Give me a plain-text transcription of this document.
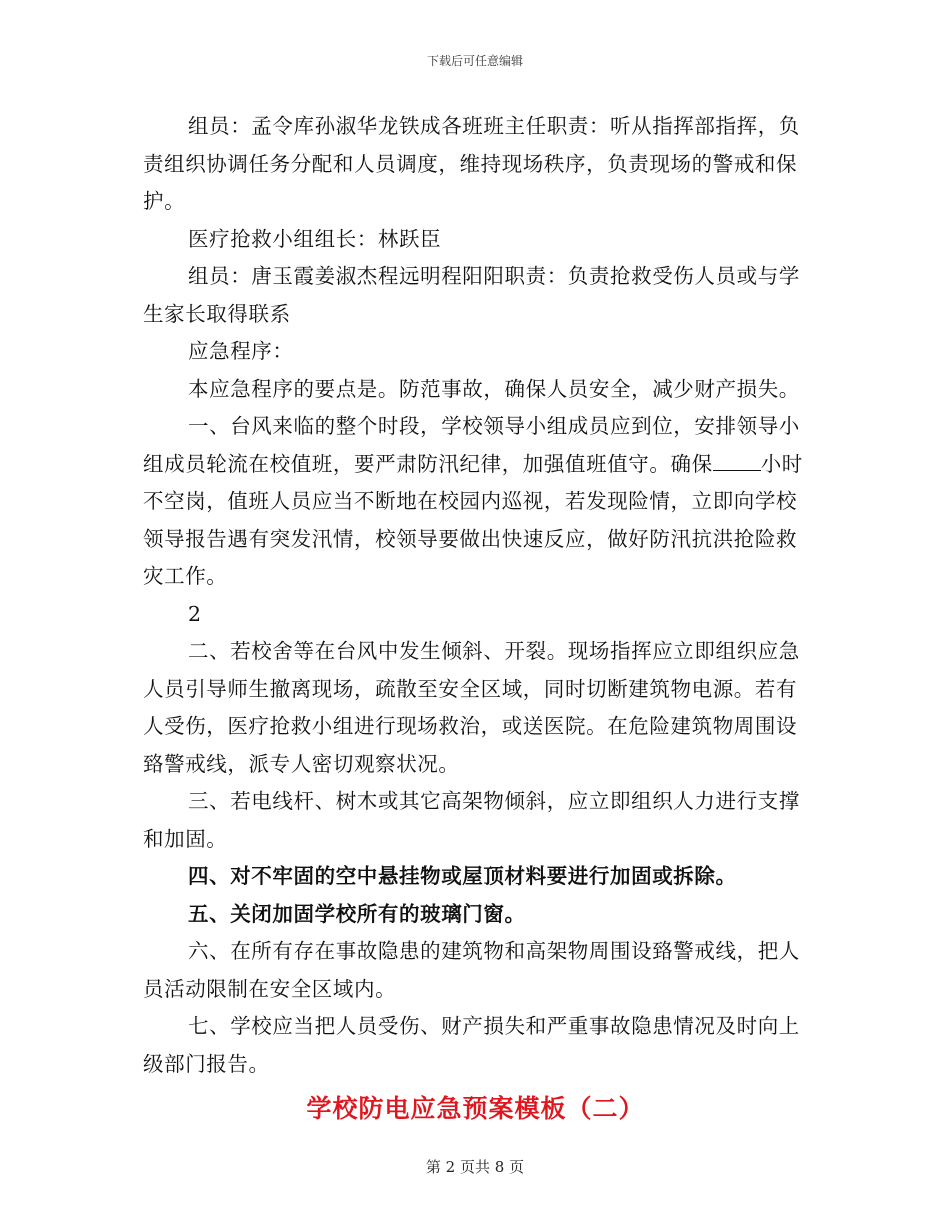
下载后可任意编辑

组员：孟令库孙淑华龙铁成各班班主任职责：听从指挥部指挥，负责组织协调任务分配和人员调度，维持现场秩序，负责现场的警戒和保护。

医疗抢救小组组长：林跃臣

组员：唐玉霞姜淑杰程远明程阳阳职责：负责抢救受伤人员或与学生家长取得联系

应急程序：

本应急程序的要点是。防范事故，确保人员安全，减少财产损失。

一、台风来临的整个时段，学校领导小组成员应到位，安排领导小组成员轮流在校值班，要严肃防汛纪律，加强值班值守。确保 小时不空岗，值班人员应当不断地在校园内巡视，若发现险情，立即向学校领导报告遇有突发汛情，校领导要做出快速反应，做好防汛抗洪抢险救灾工作。

2

二、若校舍等在台风中发生倾斜、开裂。现场指挥应立即组织应急人员引导师生撤离现场，疏散至安全区域，同时切断建筑物电源。若有人受伤，医疗抢救小组进行现场救治，或送医院。在危险建筑物周围设臵警戒线，派专人密切观察状况。

三、若电线杆、树木或其它高架物倾斜，应立即组织人力进行支撑和加固。

四、对不牢固的空中悬挂物或屋顶材料要进行加固或拆除。

五、关闭加固学校所有的玻璃门窗。

六、在所有存在事故隐患的建筑物和高架物周围设臵警戒线，把人员活动限制在安全区域内。

七、学校应当把人员受伤、财产损失和严重事故隐患情况及时向上级部门报告。

学校防电应急预案模板（二）
第 2 页共 8 页
